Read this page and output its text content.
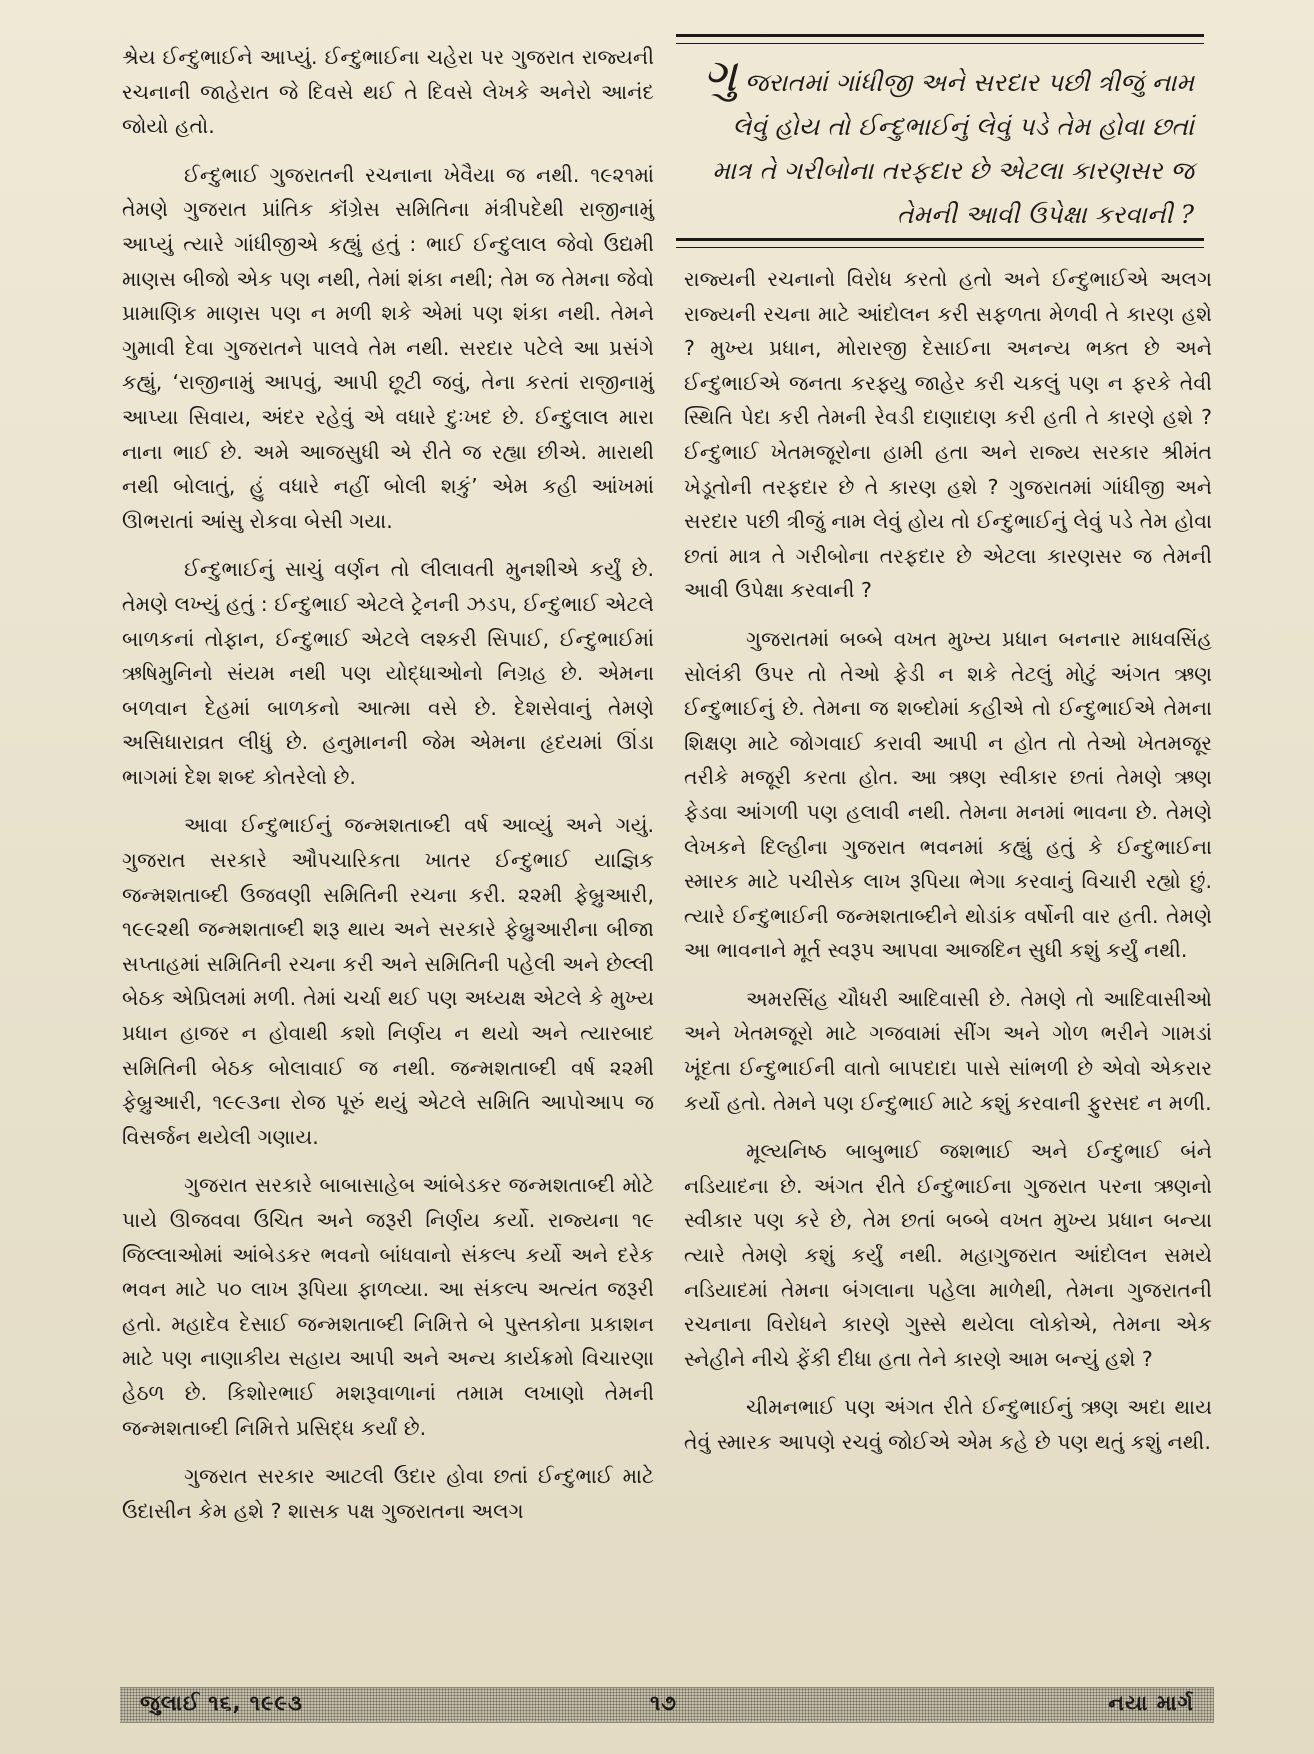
શ્રેય ઈન્દુભાઈને આપ્યું. ઈન્દુભાઈના ચહેરા પર ગુજરાત રાજ્યની રચનાની જાહેરાત જે દિવસે થઈ તે દિવસે લેખકે અનેરો આનંદ જોયો હતો.

ઈન્દુભાઈ ગુજરાતની રચનાના ખેવૈયા જ નથી. ૧૯૨૧માં તેમણે ગુજરાત પ્રાંતિક કૉંગ્રેસ સમિતિના મંત્રીપદેથી રાજીનામું આપ્યું ત્યારે ગાંધીજીએ કહ્યું હતું : ભાઈ ઈન્દુલાલ જેવો ઉદ્યમી માણસ બીજો એક પણ નથી, તેમાં શંકા નથી; તેમ જ તેમના જેવો પ્રામાણિક માણસ પણ ન મળી શકે એમાં પણ શંકા નથી. તેમને ગુમાવી દેવા ગુજરાતને પાલવે તેમ નથી. સરદાર પટેલે આ પ્રસંગે કહ્યું, ‘રાજીનામું આપવું, આપી છૂટી જવું, તેના કરતાં રાજીનામું આપ્યા સિવાય, અંદર રહેવું એ વધારે દુઃખદ છે. ઈન્દુલાલ મારા નાના ભાઈ છે. અમે આજસુધી એ રીતે જ રહ્યા છીએ. મારાથી નથી બોલાતું, હું વધારે નહીં બોલી શકું’ એમ કહી આંખમાં ઊભરાતાં આંસુ રોકવા બેસી ગયા.

ઈન્દુભાઈનું સાચું વર્ણન તો લીલાવતી મુનશીએ કર્યું છે. તેમણે લખ્યું હતું : ઈન્દુભાઈ એટલે ટ્રેનની ઝડપ, ઈન્દુભાઈ એટલે બાળકનાં તોફાન, ઈન્દુભાઈ એટલે લશ્કરી સિપાઈ, ઈન્દુભાઈમાં ઋષિમુનિનો સંયમ નથી પણ યોદ્ધાઓનો નિગ્રહ છે. એમના બળવાન દેહમાં બાળકનો આત્મા વસે છે. દેશસેવાનું તેમણે અસિધારાવ્રત લીધું છે. હનુમાનની જેમ એમના હૃદયમાં ઊંડા ભાગમાં દેશ શબ્દ કોતરેલો છે.

આવા ઈન્દુભાઈનું જન્મશતાબ્દી વર્ષ આવ્યું અને ગયું. ગુજરાત સરકારે ઔપચારિકતા ખાતર ઈન્દુભાઈ યાજ્ઞિક જન્મશતાબ્દી ઉજવણી સમિતિની રચના કરી. ૨૨મી ફેબ્રુઆરી, ૧૯૯૨થી જન્મશતાબ્દી શરૂ થાય અને સરકારે ફેબ્રુઆરીના બીજા સપ્તાહમાં સમિતિની રચના કરી અને સમિતિની પહેલી અને છેલ્લી બેઠક એપ્રિલમાં મળી. તેમાં ચર્ચા થઈ પણ અધ્યક્ષ એટલે કે મુખ્ય પ્રધાન હાજર ન હોવાથી કશો નિર્ણય ન થયો અને ત્યારબાદ સમિતિની બેઠક બોલાવાઈ જ નથી. જન્મશતાબ્દી વર્ષ ૨૨મી ફેબ્રુઆરી, ૧૯૯૩ના રોજ પૂરું થયું એટલે સમિતિ આપોઆપ જ વિસર્જન થયેલી ગણાય.

ગુજરાત સરકારે બાબાસાહેબ આંબેડકર જન્મશતાબ્દી મોટે પાયે ઊજવવા ઉચિત અને જરૂરી નિર્ણય કર્યો. રાજ્યના ૧૯ જિલ્લાઓમાં આંબેડકર ભવનો બાંધવાનો સંકલ્પ કર્યો અને દરેક ભવન માટે ૫૦ લાખ રૂપિયા ફાળવ્યા. આ સંકલ્પ અત્યંત જરૂરી હતો. મહાદેવ દેસાઈ જન્મશતાબ્દી નિમિત્તે બે પુસ્તકોના પ્રકાશન માટે પણ નાણાકીય સહાય આપી અને અન્ય કાર્યક્રમો વિચારણા હેઠળ છે. કિશોરભાઈ મશરૂવાળાનાં તમામ લખાણો તેમની જન્મશતાબ્દી નિમિત્તે પ્રસિદ્ધ કર્યાં છે.

ગુજરાત સરકાર આટલી ઉદાર હોવા છતાં ઈન્દુભાઈ માટે ઉદાસીન કેમ હશે ? શાસક પક્ષ ગુજરાતના અલગ

ગુ જરાતમાં ગાંધીજી અને સરદાર પછી ત્રીજું નામ લેવું હોય તો ઈન્દુભાઈનું લેવું પડે તેમ હોવા છતાં માત્ર તે ગરીબોના તરફદાર છે એટલા કારણસર જ તેમની આવી ઉપેક્ષા કરવાની ?

રાજ્યની રચનાનો વિરોધ કરતો હતો અને ઈન્દુભાઈએ અલગ રાજ્યની રચના માટે આંદોલન કરી સફળતા મેળવી તે કારણ હશે ? મુખ્ય પ્રધાન, મોરારજી દેસાઈના અનન્ય ભક્ત છે અને ઈન્દુભાઈએ જનતા કરફ્યુ જાહેર કરી ચકલું પણ ન ફરકે તેવી સ્થિતિ પેદા કરી તેમની રેવડી દાણાદાણ કરી હતી તે કારણે હશે ? ઈન્દુભાઈ ખેતમજૂરોના હામી હતા અને રાજ્ય સરકાર શ્રીમંત ખેડૂતોની તરફદાર છે તે કારણ હશે ? ગુજરાતમાં ગાંધીજી અને સરદાર પછી ત્રીજું નામ લેવું હોય તો ઈન્દુભાઈનું લેવું પડે તેમ હોવા છતાં માત્ર તે ગરીબોના તરફદાર છે એટલા કારણસર જ તેમની આવી ઉપેક્ષા કરવાની ?

ગુજરાતમાં બબ્બે વખત મુખ્ય પ્રધાન બનનાર માધવસિંહ સોલંકી ઉપર તો તેઓ ફેડી ન શકે તેટલું મોટું અંગત ઋણ ઈન્દુભાઈનું છે. તેમના જ શબ્દોમાં કહીએ તો ઈન્દુભાઈએ તેમના શિક્ષણ માટે જોગવાઈ કરાવી આપી ન હોત તો તેઓ ખેતમજૂર તરીકે મજૂરી કરતા હોત. આ ઋણ સ્વીકાર છતાં તેમણે ઋણ ફેડવા આંગળી પણ હલાવી નથી. તેમના મનમાં ભાવના છે. તેમણે લેખકને દિલ્હીના ગુજરાત ભવનમાં કહ્યું હતું કે ઈન્દુભાઈના સ્મારક માટે પચીસેક લાખ રૂપિયા ભેગા કરવાનું વિચારી રહ્યો છું. ત્યારે ઈન્દુભાઈની જન્મશતાબ્દીને થોડાંક વર્ષોની વાર હતી. તેમણે આ ભાવનાને મૂર્ત સ્વરૂપ આપવા આજદિન સુધી કશું કર્યું નથી.

અમરસિંહ ચૌધરી આદિવાસી છે. તેમણે તો આદિવાસીઓ અને ખેતમજૂરો માટે ગજવામાં સીંગ અને ગોળ ભરીને ગામડાં ખૂંદતા ઈન્દુભાઈની વાતો બાપદાદા પાસે સાંભળી છે એવો એકરાર કર્યો હતો. તેમને પણ ઈન્દુભાઈ માટે કશું કરવાની ફુરસદ ન મળી.

મૂલ્યનિષ્ઠ બાબુભાઈ જશભાઈ અને ઈન્દુભાઈ બંને નડિયાદના છે. અંગત રીતે ઈન્દુભાઈના ગુજરાત પરના ઋણનો સ્વીકાર પણ કરે છે, તેમ છતાં બબ્બે વખત મુખ્ય પ્રધાન બન્યા ત્યારે તેમણે કશું કર્યું નથી. મહાગુજરાત આંદોલન સમયે નડિયાદમાં તેમના બંગલાના પહેલા માળેથી, તેમના ગુજરાતની રચનાના વિરોધને કારણે ગુસ્સે થયેલા લોકોએ, તેમના એક સ્નેહીને નીચે ફેંકી દીધા હતા તેને કારણે આમ બન્યું હશે ?

ચીમનભાઈ પણ અંગત રીતે ઈન્દુભાઈનું ઋણ અદા થાય તેવું સ્મારક આપણે રચવું જોઈએ એમ કહે છે પણ થતું કશું નથી.

જુલાઈ ૧૬, ૧૯૯૩	૧૭	નયા માર્ગ
